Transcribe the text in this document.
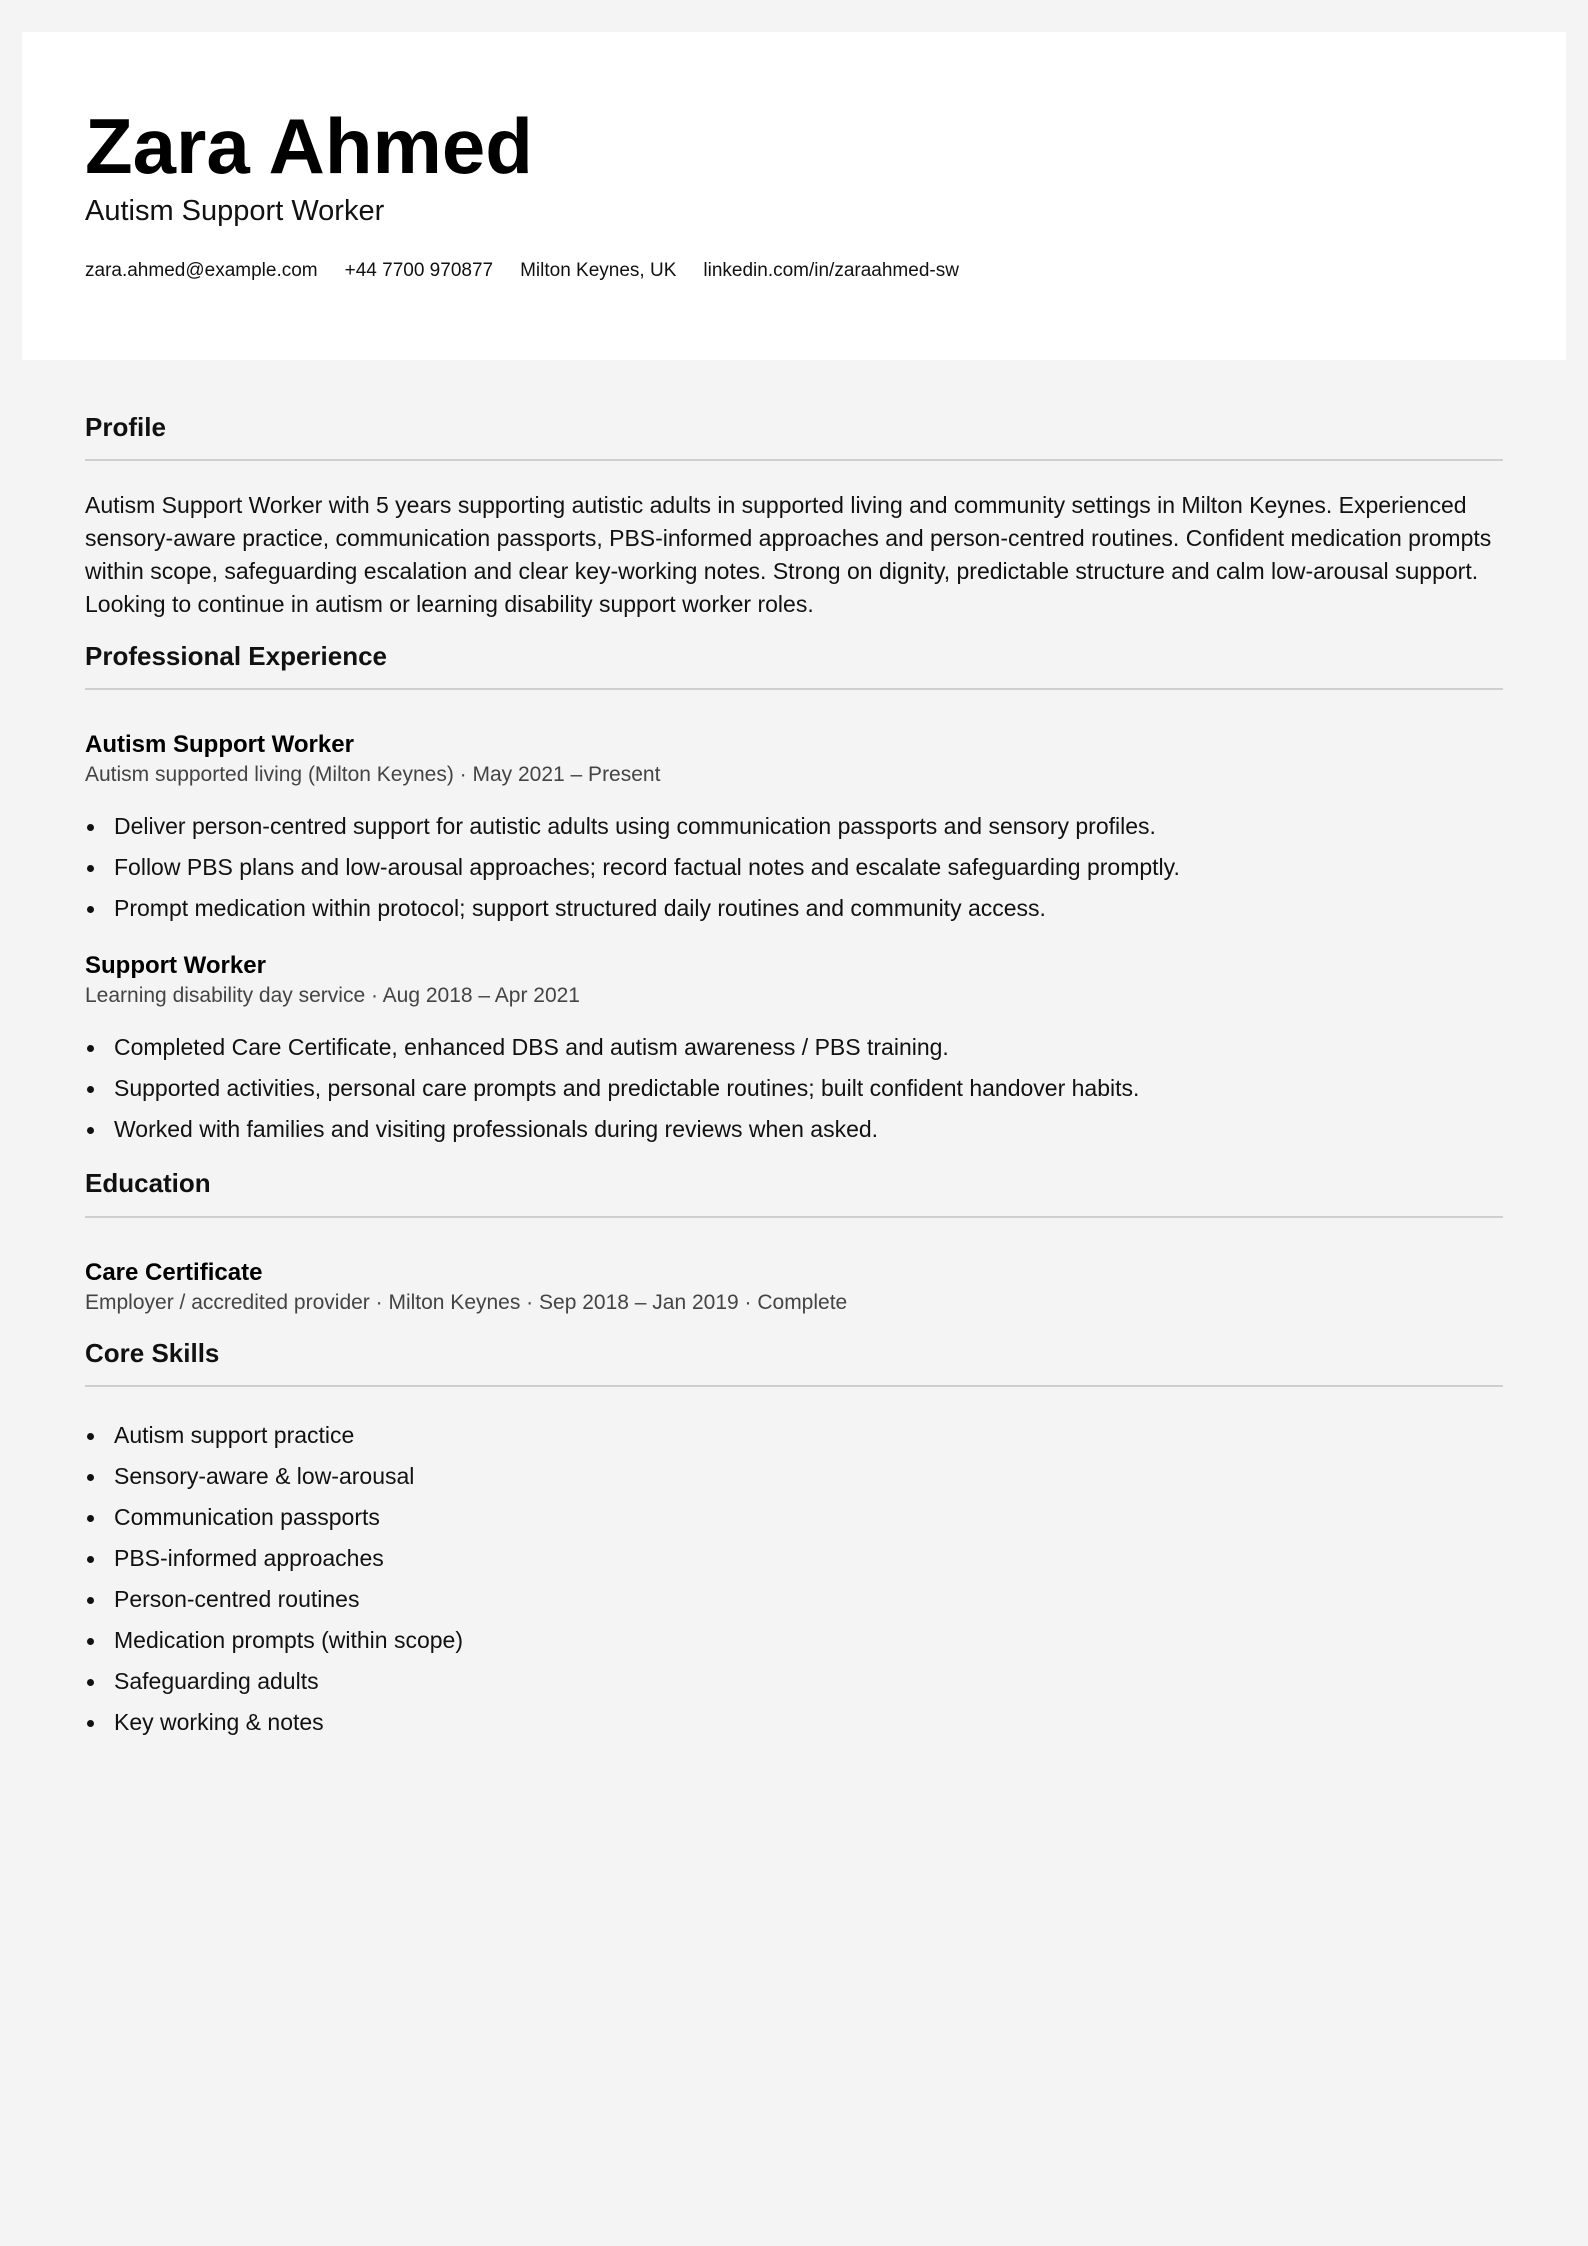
Zara Ahmed
Autism Support Worker
zara.ahmed@example.com +44 7700 970877 Milton Keynes, UK linkedin.com/in/zaraahmed-sw
Profile

Autism Support Worker with 5 years supporting autistic adults in supported living and community settings in Milton Keynes. Experienced sensory-aware practice, communication passports, PBS-informed approaches and person-centred routines. Confident medication prompts within scope, safeguarding escalation and clear key-working notes. Strong on dignity, predictable structure and calm low-arousal support. Looking to continue in autism or learning disability support worker roles.

Professional Experience
Autism Support Worker
Autism supported living (Milton Keynes) · May 2021 – Present
Deliver person-centred support for autistic adults using communication passports and sensory profiles.
Follow PBS plans and low-arousal approaches; record factual notes and escalate safeguarding promptly.
Prompt medication within protocol; support structured daily routines and community access.
Support Worker
Learning disability day service · Aug 2018 – Apr 2021
Completed Care Certificate, enhanced DBS and autism awareness / PBS training.
Supported activities, personal care prompts and predictable routines; built confident handover habits.
Worked with families and visiting professionals during reviews when asked.
Education
Care Certificate
Employer / accredited provider · Milton Keynes · Sep 2018 – Jan 2019 · Complete
Core Skills
Autism support practice
Sensory-aware & low-arousal
Communication passports
PBS-informed approaches
Person-centred routines
Medication prompts (within scope)
Safeguarding adults
Key working & notes
